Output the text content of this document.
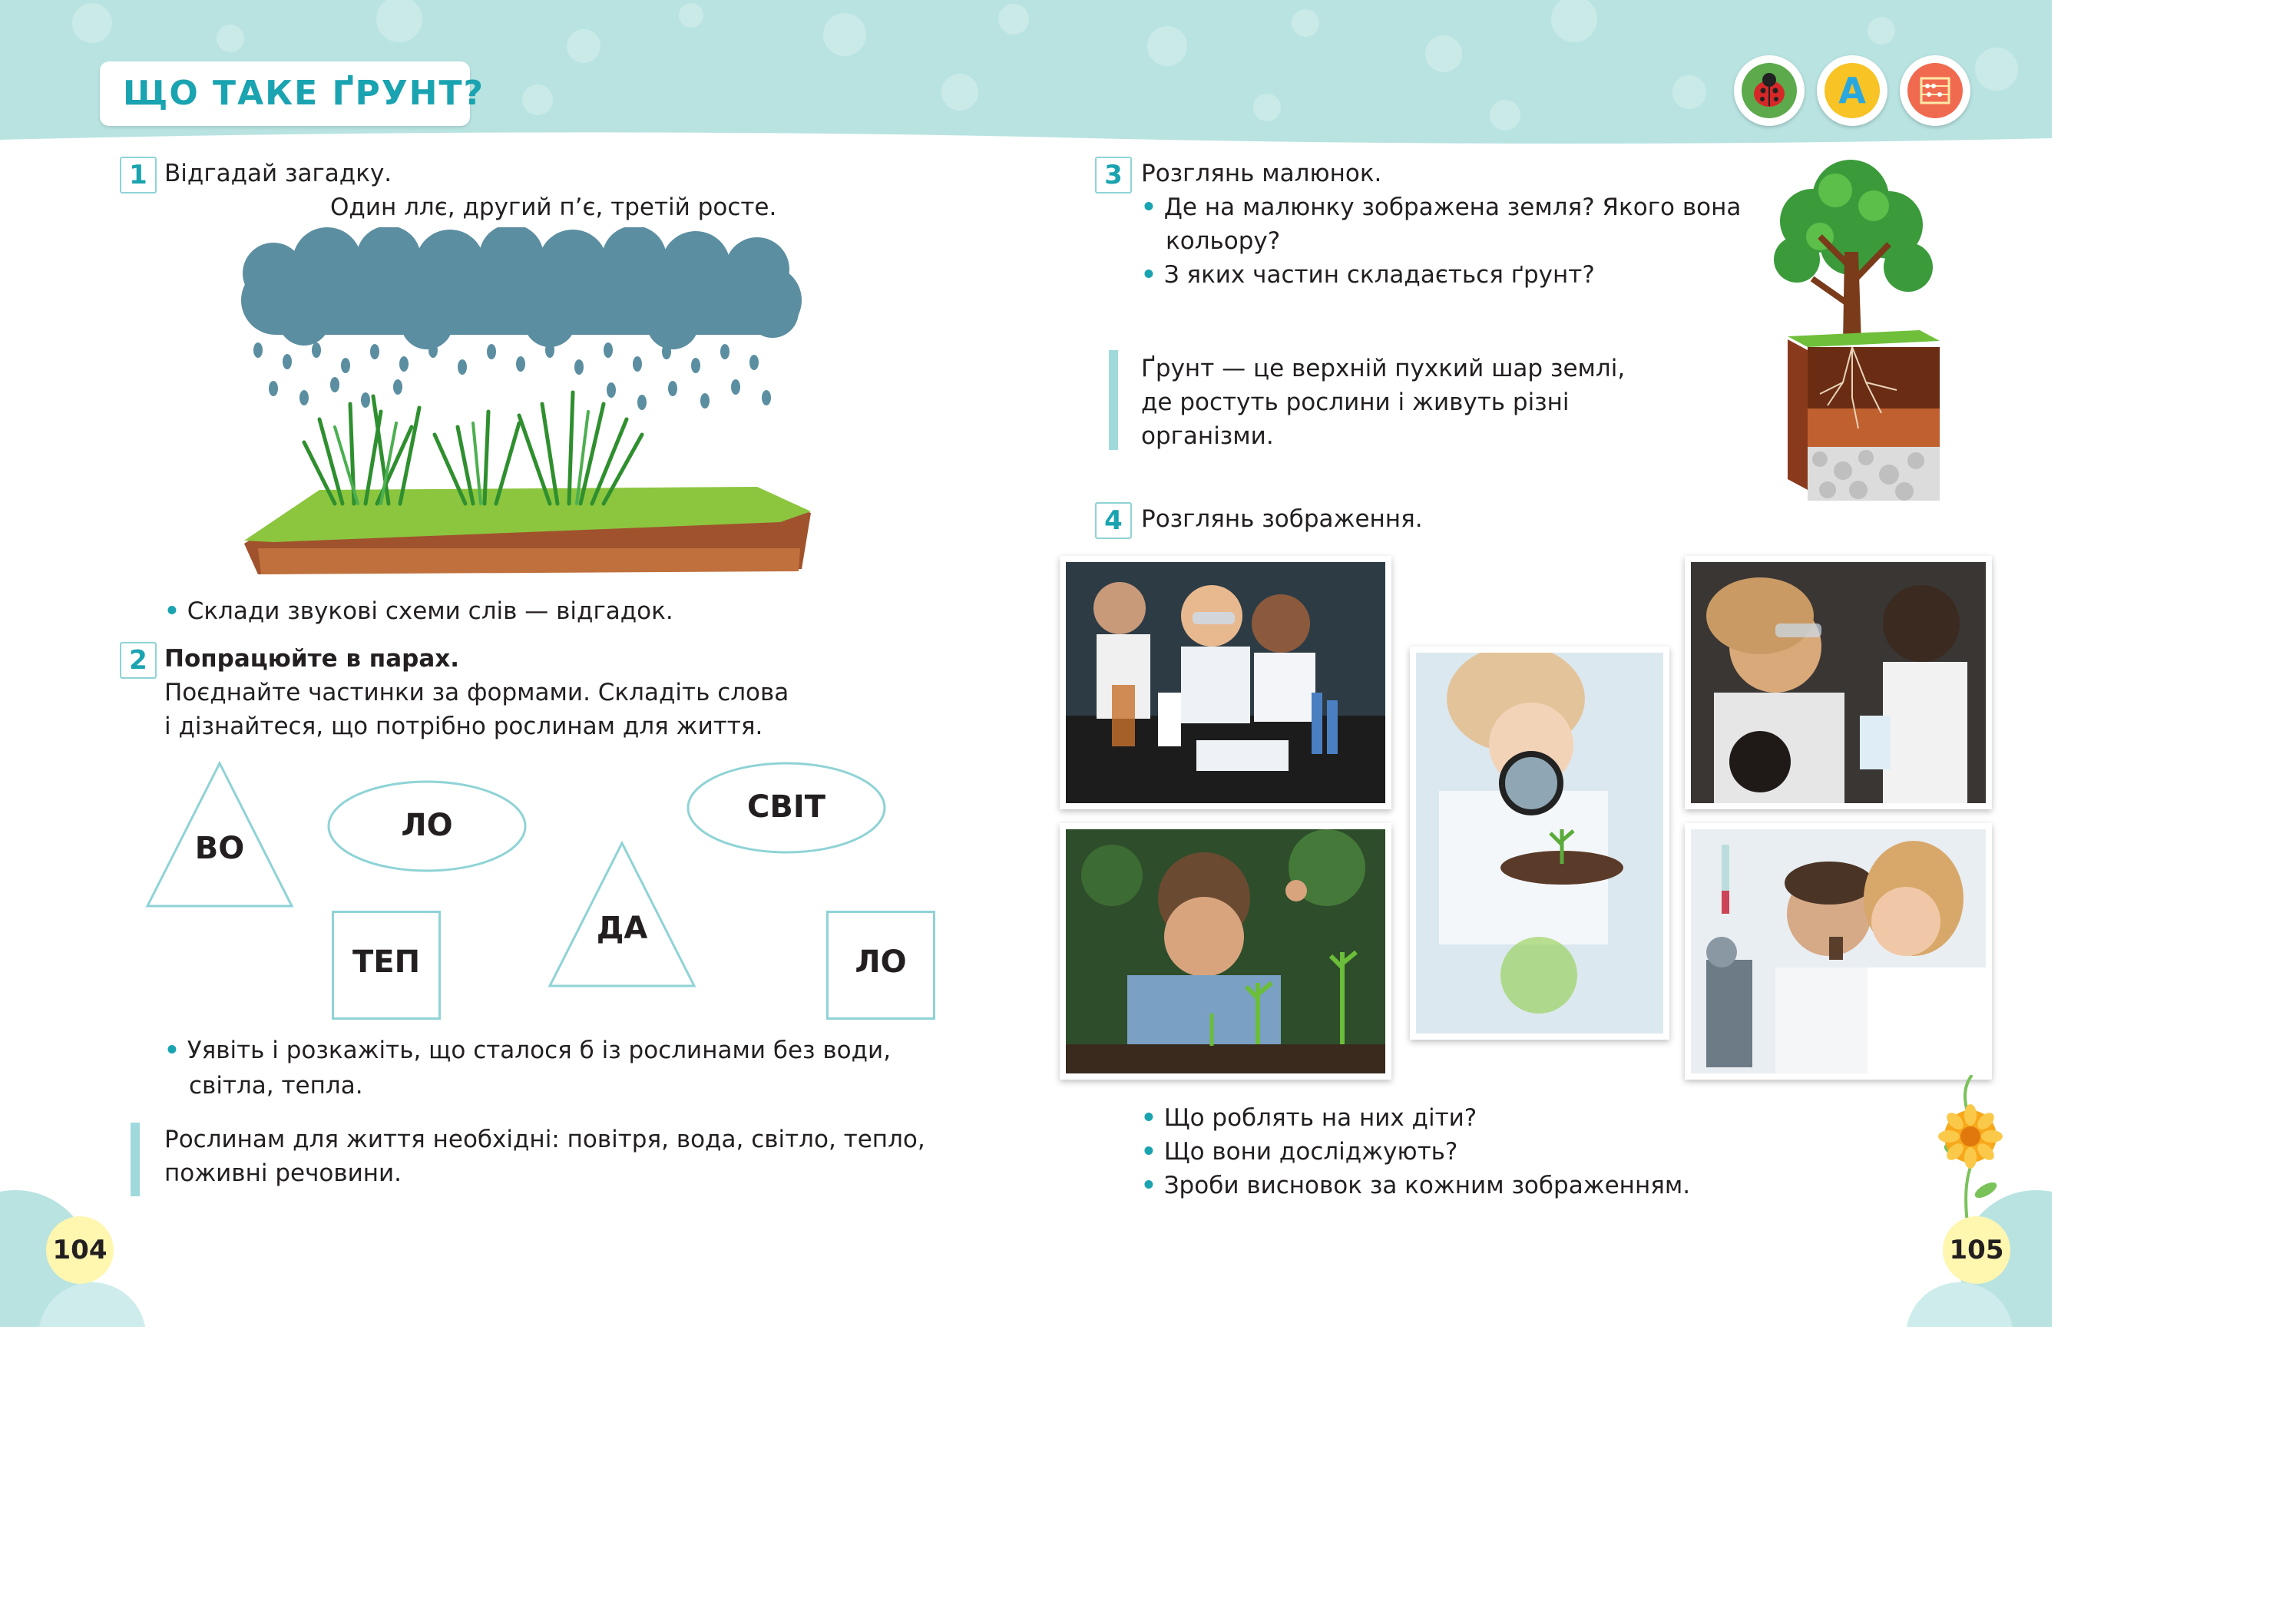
ЩО ТАКЕ ҐРУНТ?	A
1 Відгадай загадку.
Один ллє, другий п’є, третій росте.
• Склади звукові схеми слів — відгадок.
2 Попрацюйте в парах.
Поєднайте частинки за формами. Складіть слова
і дізнайтеся, що потрібно рослинам для життя.
ВО
ЛО
СВІТ
ТЕП
ДА
ЛО
• Уявіть і розкажіть, що сталося б із рослинами без води,
світла, тепла.
Рослинам для життя необхідні: повітря, вода, світло, тепло,
поживні речовини.
104
3 Розглянь малюнок.
• Де на малюнку зображена земля? Якого вона
кольору?
• З яких частин складається ґрунт?
Ґрунт — це верхній пухкий шар землі,
де ростуть рослини і живуть різні
організми.
4 Розглянь зображення.
• Що роблять на них діти?
• Що вони досліджують?
• Зроби висновок за кожним зображенням.
105
